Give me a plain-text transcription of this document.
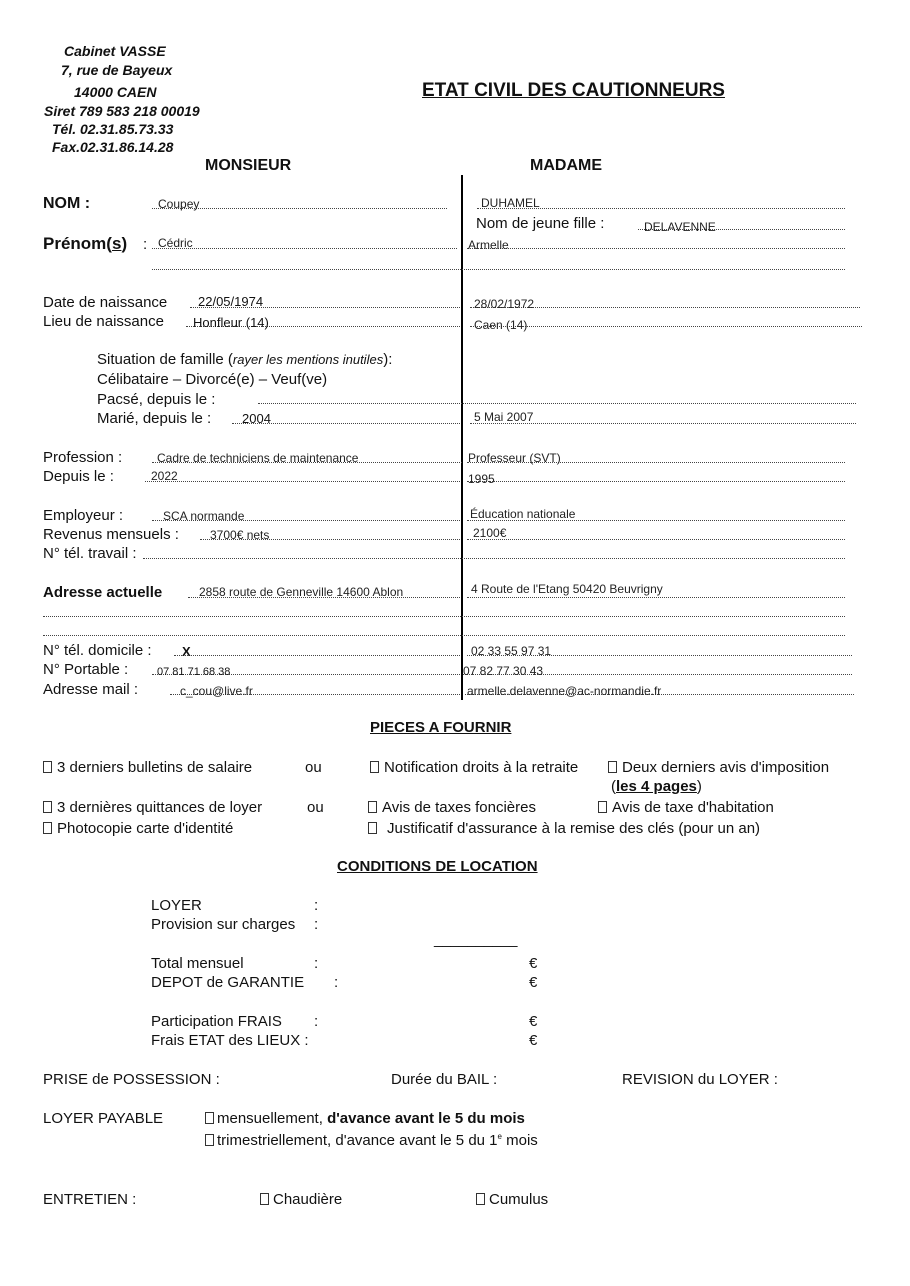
Cabinet VASSE
7, rue de Bayeux
14000 CAEN
Siret 789 583 218 00019
Tél. 02.31.85.73.33
Fax.02.31.86.14.28
ETAT CIVIL DES CAUTIONNEURS
MONSIEUR	MADAME
NOM :	Coupey	DUHAMEL
Nom de jeune fille :	DELAVENNE
Prénom(s) : Cédric	Armelle
Date de naissance 22/05/1974	28/02/1972
Lieu de naissance Honfleur (14)	Caen (14)
Situation de famille (rayer les mentions inutiles):
Célibataire – Divorcé(e) – Veuf(ve)
Pacsé, depuis le :
Marié, depuis le : 2004	5 Mai 2007
Profession :	Cadre de techniciens de maintenance	Professeur (SVT)
Depuis le :	2022	1995
Employeur :	SCA normande	Éducation nationale
Revenus mensuels :	3700€ nets	2100€
N° tél. travail :
Adresse actuelle	2858 route de Genneville 14600 Ablon	4 Route de l'Etang 50420 Beuvrigny
N° tél. domicile : X	02 33 55 97 31
N° Portable :	07 81 71 68 38	07 82 77 30 43
Adresse mail :	c_cou@live.fr	armelle.delavenne@ac-normandie.fr
PIECES A FOURNIR
3 derniers bulletins de salaire	ou	Notification droits à la retraite	Deux derniers avis d'imposition
(les 4 pages)
3 dernières quittances de loyer	ou	Avis de taxes foncières	Avis de taxe d'habitation
Photocopie carte d'identité	Justificatif d'assurance à la remise des clés (pour un an)
CONDITIONS DE LOCATION
LOYER	:
Provision sur charges :
__________
Total mensuel	:	€
DEPOT de GARANTIE :	€
Participation FRAIS :	€
Frais ETAT des LIEUX :	€
PRISE de POSSESSION :	Durée du BAIL :	REVISION du LOYER :
LOYER PAYABLE	mensuellement, d'avance avant le 5 du mois
trimestriellement, d'avance avant le 5 du 1e mois
ENTRETIEN :	Chaudière	Cumulus
